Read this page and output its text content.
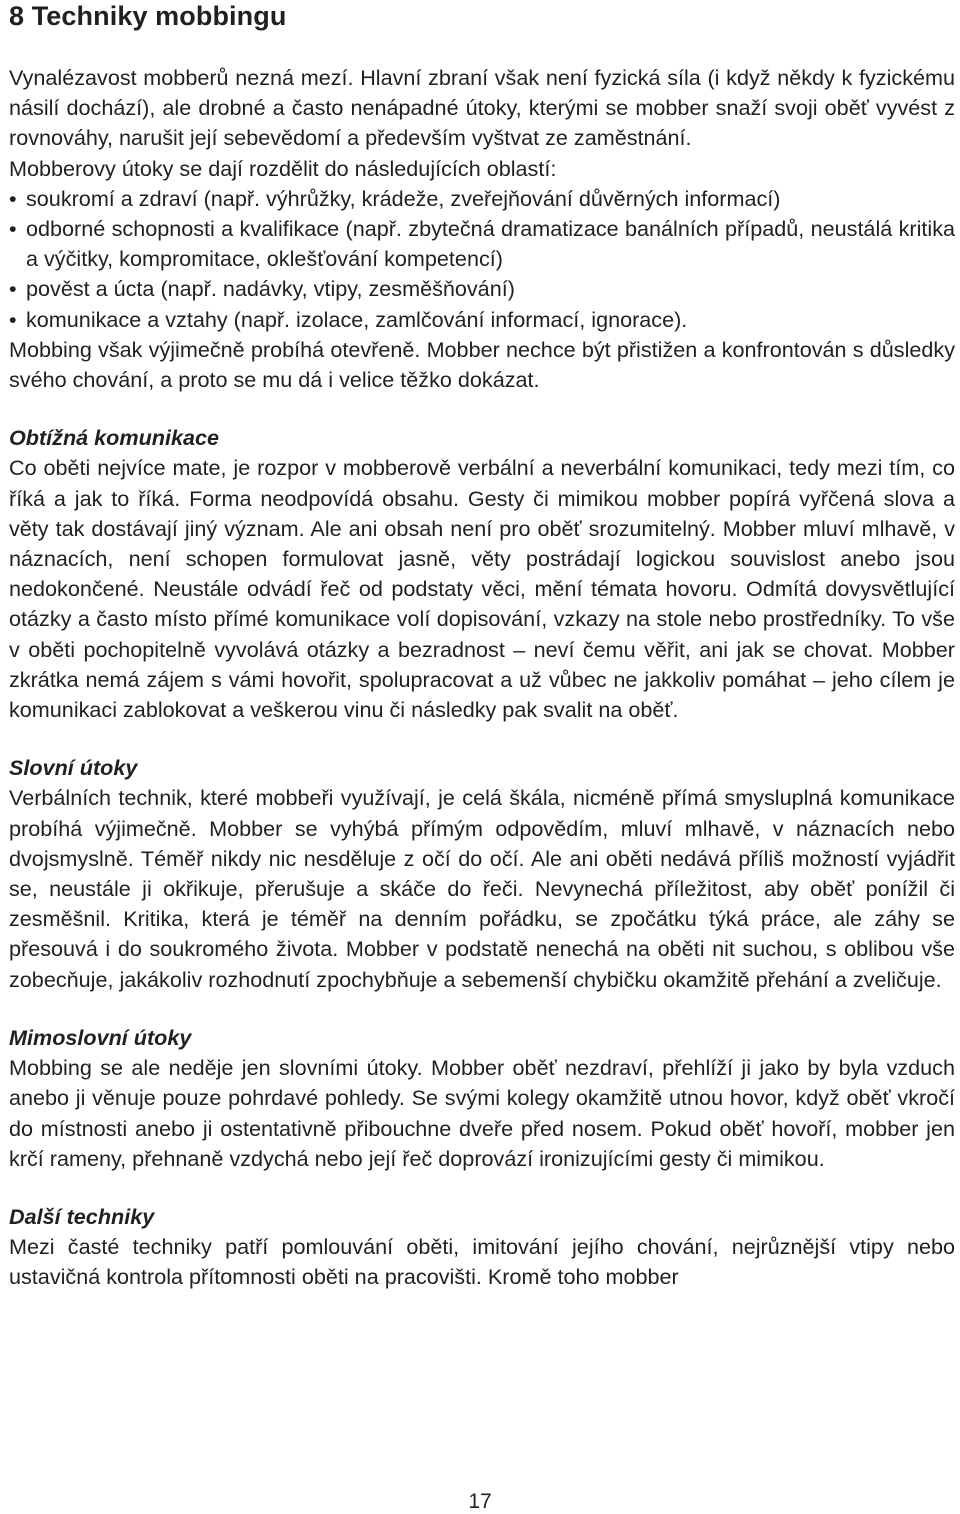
8 Techniky mobbingu

Vynalézavost mobberů nezná mezí. Hlavní zbraní však není fyzická síla (i když někdy k fyzickému násilí dochází), ale drobné a často nenápadné útoky, kterými se mobber snaží svoji oběť vyvést z rovnováhy, narušit její sebevědomí a především vyštvat ze zaměstnání.

Mobberovy útoky se dají rozdělit do následujících oblastí:

• soukromí a zdraví (např. výhrůžky, krádeže, zveřejňování důvěrných informací)
• odborné schopnosti a kvalifikace (např. zbytečná dramatizace banálních případů, neustálá kritika a výčitky, kompromitace, oklešťování kompetencí)
• pověst a úcta (např. nadávky, vtipy, zesměšňování)
• komunikace a vztahy (např. izolace, zamlčování informací, ignorace).

Mobbing však výjimečně probíhá otevřeně. Mobber nechce být přistižen a konfrontován s důsledky svého chování, a proto se mu dá i velice těžko dokázat.

Obtížná komunikace

Co oběti nejvíce mate, je rozpor v mobberově verbální a neverbální komunikaci, tedy mezi tím, co říká a jak to říká. Forma neodpovídá obsahu. Gesty či mimikou mobber popírá vyřčená slova a věty tak dostávají jiný význam. Ale ani obsah není pro oběť srozumitelný. Mobber mluví mlhavě, v náznacích, není schopen formulovat jasně, věty postrádají logickou souvislost anebo jsou nedokončené. Neustále odvádí řeč od podstaty věci, mění témata hovoru. Odmítá dovysvětlující otázky a často místo přímé komunikace volí dopisování, vzkazy na stole nebo prostředníky. To vše v oběti pochopitelně vyvolává otázky a bezradnost – neví čemu věřit, ani jak se chovat. Mobber zkrátka nemá zájem s vámi hovořit, spolupracovat a už vůbec ne jakkoliv pomáhat – jeho cílem je komunikaci zablokovat a veškerou vinu či následky pak svalit na oběť.

Slovní útoky

Verbálních technik, které mobbeři využívají, je celá škála, nicméně přímá smysluplná komunikace probíhá výjimečně. Mobber se vyhýbá přímým odpovědím, mluví mlhavě, v náznacích nebo dvojsmyslně. Téměř nikdy nic nesděluje z očí do očí. Ale ani oběti nedává příliš možností vyjádřit se, neustále ji okřikuje, přerušuje a skáče do řeči. Nevynechá příležitost, aby oběť ponížil či zesměšnil. Kritika, která je téměř na denním pořádku, se zpočátku týká práce, ale záhy se přesouvá i do soukromého života. Mobber v podstatě nenechá na oběti nit suchou, s oblibou vše zobecňuje, jakákoliv rozhodnutí zpochybňuje a sebemenší chybičku okamžitě přehání a zveličuje.

Mimoslovní útoky

Mobbing se ale neděje jen slovními útoky. Mobber oběť nezdraví, přehlíží ji jako by byla vzduch anebo ji věnuje pouze pohrdavé pohledy. Se svými kolegy okamžitě utnou hovor, když oběť vkročí do místnosti anebo ji ostentativně přibouchne dveře před nosem. Pokud oběť hovoří, mobber jen krčí rameny, přehnaně vzdychá nebo její řeč doprovází ironizujícími gesty či mimikou.

Další techniky

Mezi časté techniky patří pomlouvání oběti, imitování jejího chování, nejrůznější vtipy nebo ustavičná kontrola přítomnosti oběti na pracovišti. Kromě toho mobber

17
